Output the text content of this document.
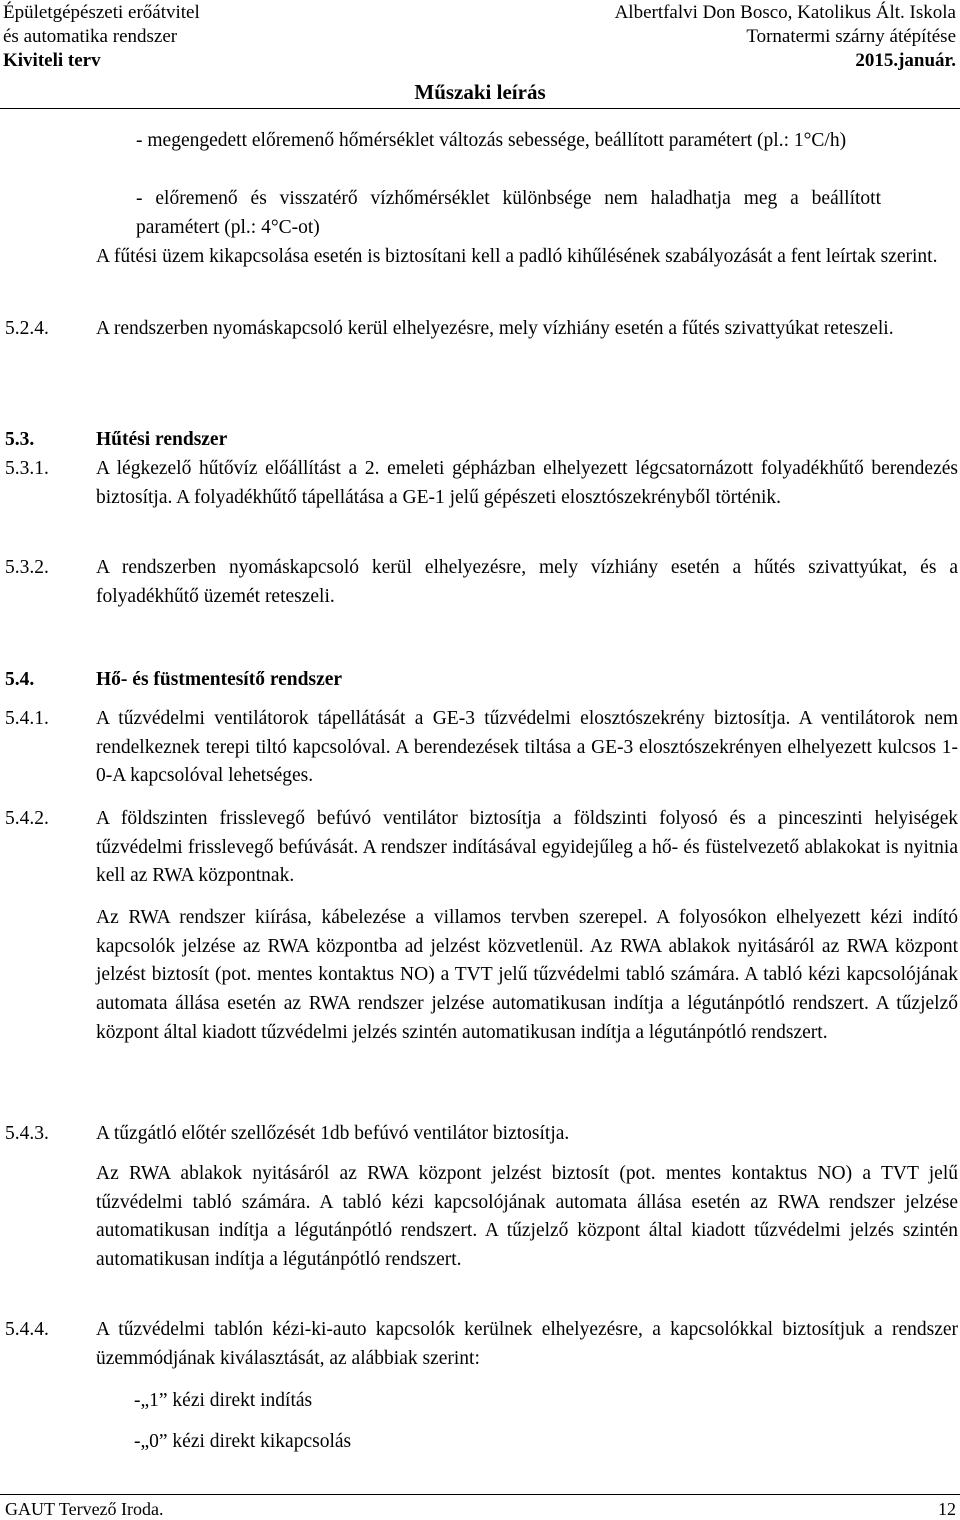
Épületgépészeti erőátvitel
és automatika rendszer
Kiviteli terv
Albertfalvi Don Bosco, Katolikus Ált. Iskola
Tornatermi szárny átépítése
2015.január.
Műszaki leírás
- megengedett előremenő hőmérséklet változás sebessége, beállított paramétert (pl.: 1°C/h)
- előremenő és visszatérő vízhőmérséklet különbsége nem haladhatja meg a beállított paramétert (pl.: 4°C-ot)
A fűtési üzem kikapcsolása esetén is biztosítani kell a padló kihűlésének szabályozását a fent leírtak szerint.
5.2.4. A rendszerben nyomáskapcsoló kerül elhelyezésre, mely vízhiány esetén a fűtés szivattyúkat reteszeli.
5.3.	Hűtési rendszer
5.3.1. A légkezelő hűtővíz előállítást a 2. emeleti gépházban elhelyezett légcsatornázott folyadékhűtő berendezés biztosítja. A folyadékhűtő tápellátása a GE-1 jelű gépészeti elosztószekrényből történik.
5.3.2. A rendszerben nyomáskapcsoló kerül elhelyezésre, mely vízhiány esetén a hűtés szivattyúkat, és a folyadékhűtő üzemét reteszeli.
5.4.	Hő- és füstmentesítő rendszer
5.4.1. A tűzvédelmi ventilátorok tápellátását a GE-3 tűzvédelmi elosztószekrény biztosítja. A ventilátorok nem rendelkeznek terepi tiltó kapcsolóval. A berendezések tiltása a GE-3 elosztószekrényen elhelyezett kulcsos 1-0-A kapcsolóval lehetséges.
5.4.2. A földszinten frisslevegő befúvó ventilátor biztosítja a földszinti folyosó és a pinceszinti helyiségek tűzvédelmi frisslevegő befúvását. A rendszer indításával egyidejűleg a hő- és füstelvezető ablakokat is nyitnia kell az RWA központnak.
Az RWA rendszer kiírása, kábelezése a villamos tervben szerepel. A folyosókon elhelyezett kézi indító kapcsolók jelzése az RWA központba ad jelzést közvetlenül. Az RWA ablakok nyitásáról az RWA központ jelzést biztosít (pot. mentes kontaktus NO) a TVT jelű tűzvédelmi tabló számára. A tabló kézi kapcsolójának automata állása esetén az RWA rendszer jelzése automatikusan indítja a légutánpótló rendszert. A tűzjelző központ által kiadott tűzvédelmi jelzés szintén automatikusan indítja a légutánpótló rendszert.
5.4.3. A tűzgátló előtér szellőzését 1db befúvó ventilátor biztosítja.
Az RWA ablakok nyitásáról az RWA központ jelzést biztosít (pot. mentes kontaktus NO) a TVT jelű tűzvédelmi tabló számára. A tabló kézi kapcsolójának automata állása esetén az RWA rendszer jelzése automatikusan indítja a légutánpótló rendszert. A tűzjelző központ által kiadott tűzvédelmi jelzés szintén automatikusan indítja a légutánpótló rendszert.
5.4.4. A tűzvédelmi tablón kézi-ki-auto kapcsolók kerülnek elhelyezésre, a kapcsolókkal biztosítjuk a rendszer üzemmódjának kiválasztását, az alábbiak szerint:
-„1” kézi direkt indítás
-„0” kézi direkt kikapcsolás
GAUT Tervező Iroda.	12
